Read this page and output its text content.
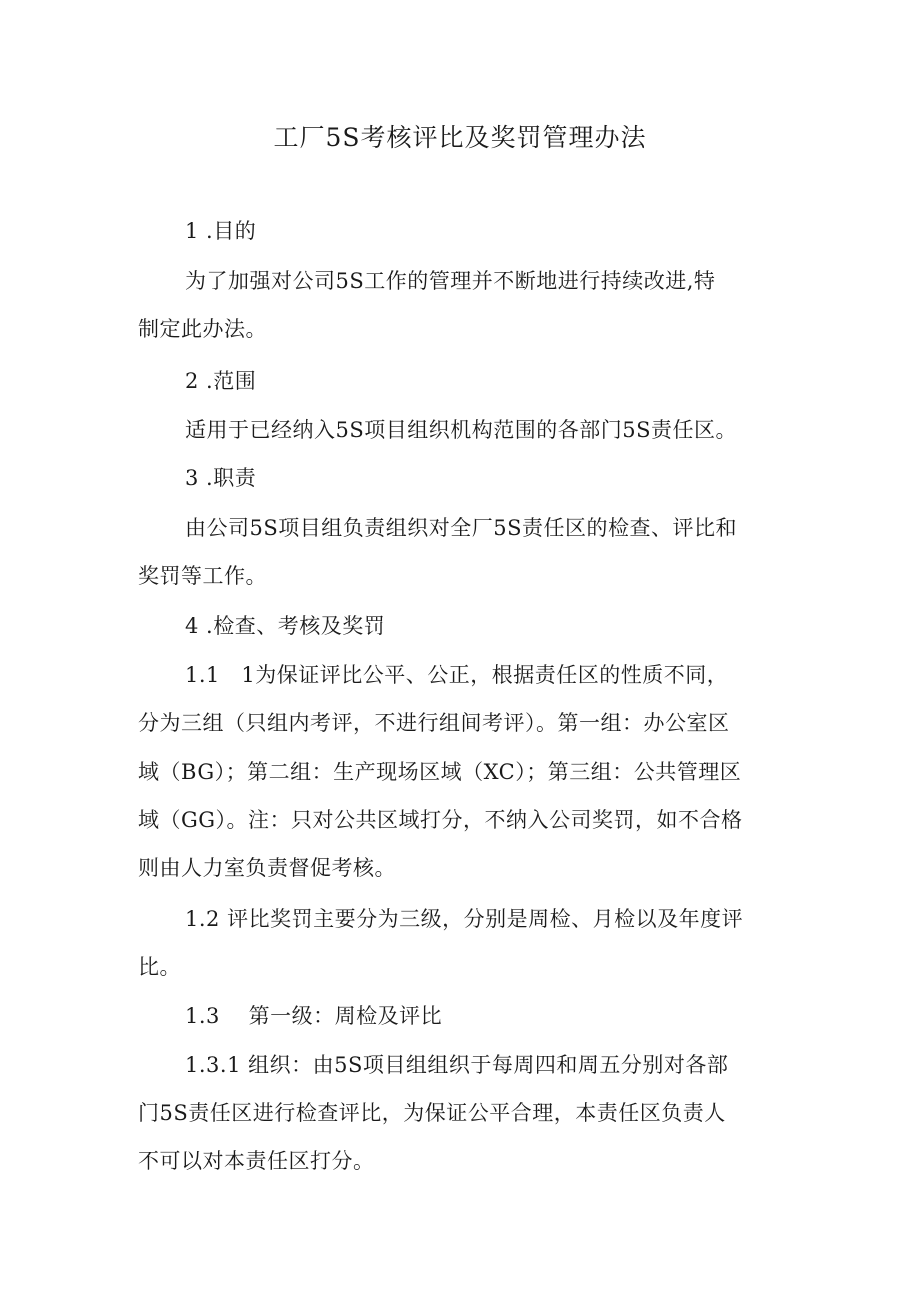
工厂5S考核评比及奖罚管理办法

1 .目的

为了加强对公司5S工作的管理并不断地进行持续改进,特

制定此办法。

2 .范围

适用于已经纳入5S项目组织机构范围的各部门5S责任区。

3 .职责

由公司5S项目组负责组织对全厂5S责任区的检查、评比和

奖罚等工作。

4 .检查、考核及奖罚

1.1　1为保证评比公平、公正，根据责任区的性质不同，

分为三组（只组内考评，不进行组间考评）。第一组：办公室区

域（BG）；第二组：生产现场区域（XC）；第三组：公共管理区

域（GG）。注：只对公共区域打分，不纳入公司奖罚，如不合格

则由人力室负责督促考核。

1.2 评比奖罚主要分为三级，分别是周检、月检以及年度评

比。

1.3　 第一级：周检及评比

1.3.1 组织：由5S项目组组织于每周四和周五分别对各部

门5S责任区进行检查评比，为保证公平合理，本责任区负责人

不可以对本责任区打分。
